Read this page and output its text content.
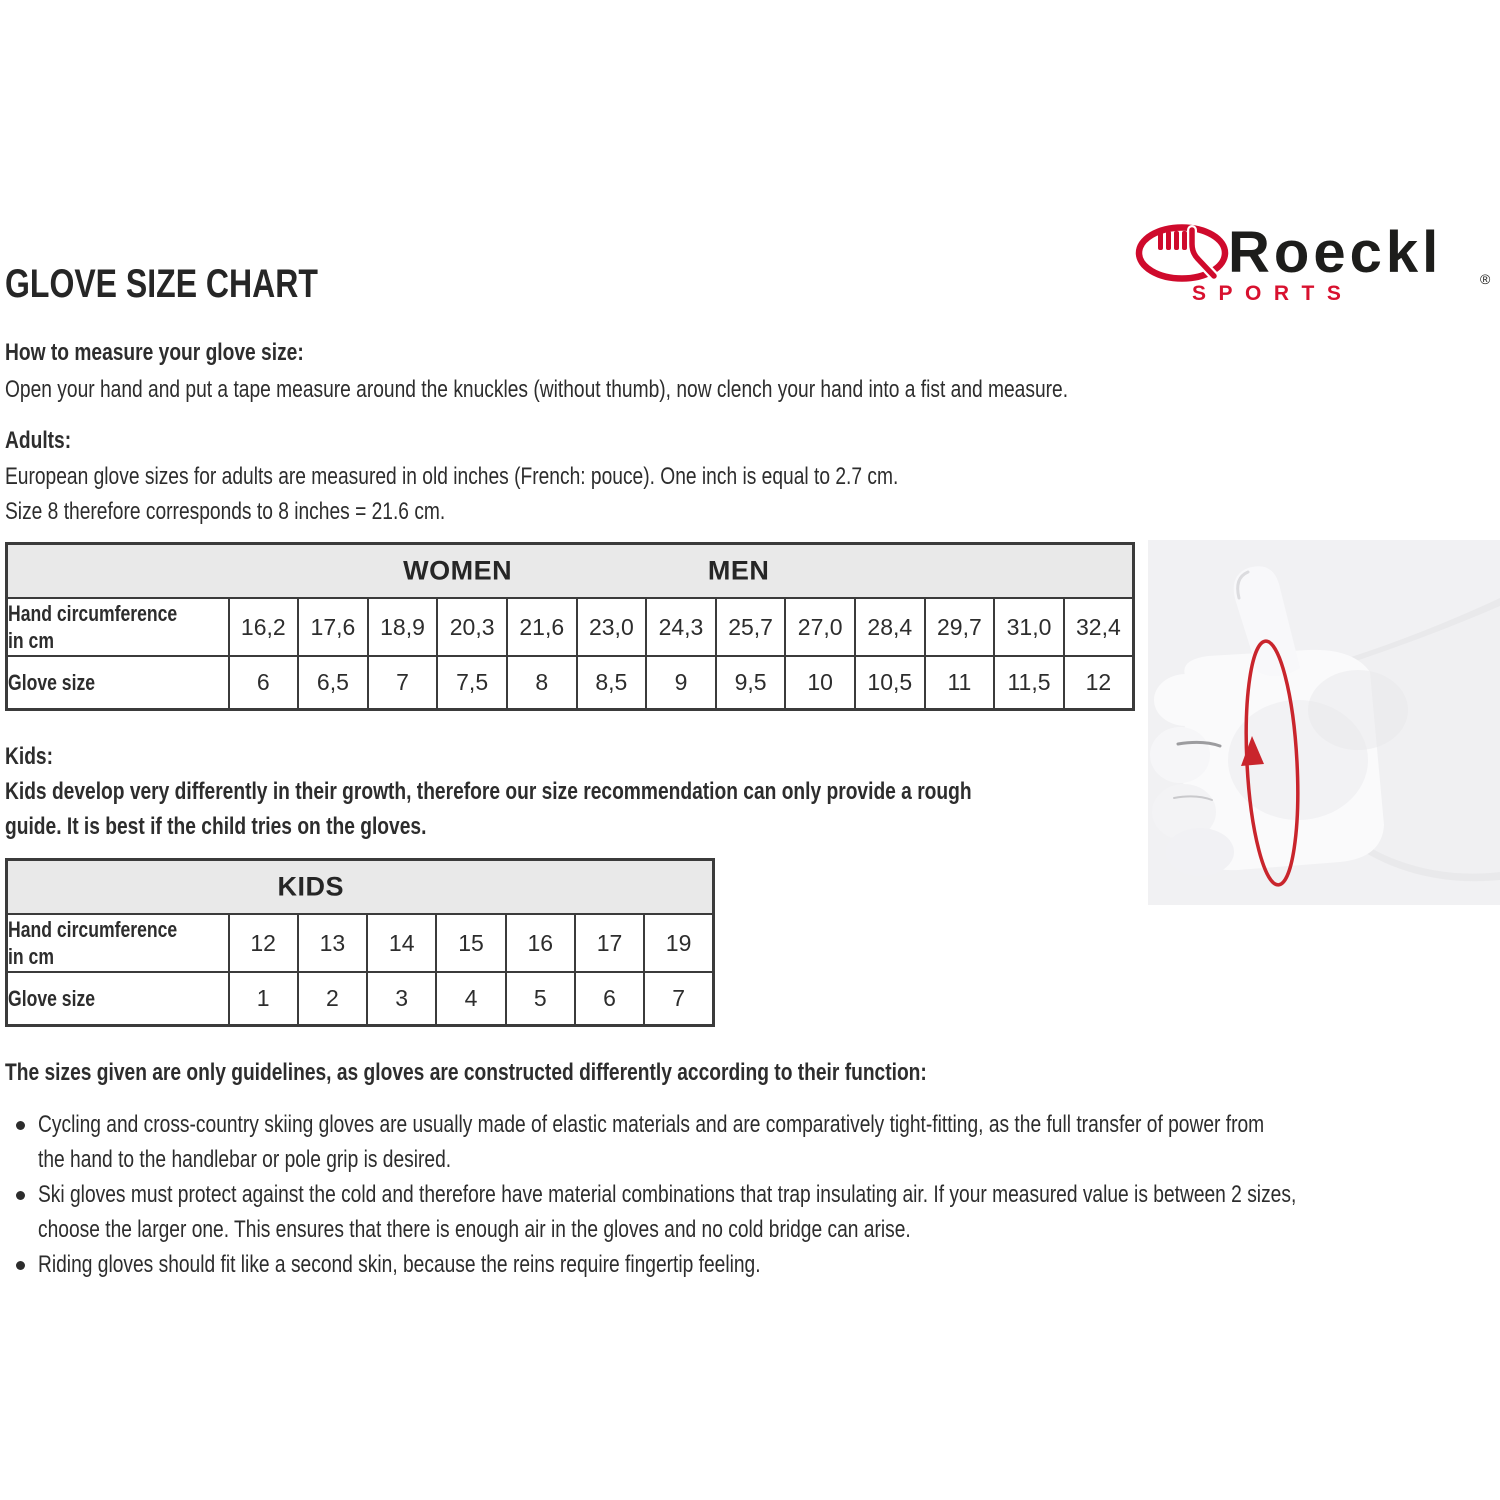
Roeckl	®
SPORTS
GLOVE SIZE CHART
How to measure your glove size:
Open your hand and put a tape measure around the knuckles (without thumb), now clench your hand into a fist and measure.
Adults:
European glove sizes for adults are measured in old inches (French: pouce). One inch is equal to 2.7 cm.
Size 8 therefore corresponds to 8 inches = 21.6 cm.
WOMEN MEN													

Hand circumference
in cm	16,2	17,6	18,9	20,3	21,6	23,0	24,3	25,7	27,0	28,4	29,7	31,0	32,4

Glove size	6	6,5	7	7,5	8	8,5	9	9,5	10	10,5	11	11,5	12
Kids:
Kids develop very differently in their growth, therefore our size recommendation can only provide a rough
guide. It is best if the child tries on the gloves.
KIDS							

Hand circumference
in cm	12	13	14	15	16	17	19

Glove size	1	2	3	4	5	6	7
The sizes given are only guidelines, as gloves are constructed differently according to their function:
Cycling and cross-country skiing gloves are usually made of elastic materials and are comparatively tight-fitting, as the full transfer of power from
the hand to the handlebar or pole grip is desired.
Ski gloves must protect against the cold and therefore have material combinations that trap insulating air. If your measured value is between 2 sizes,
choose the larger one. This ensures that there is enough air in the gloves and no cold bridge can arise.
Riding gloves should fit like a second skin, because the reins require fingertip feeling.
